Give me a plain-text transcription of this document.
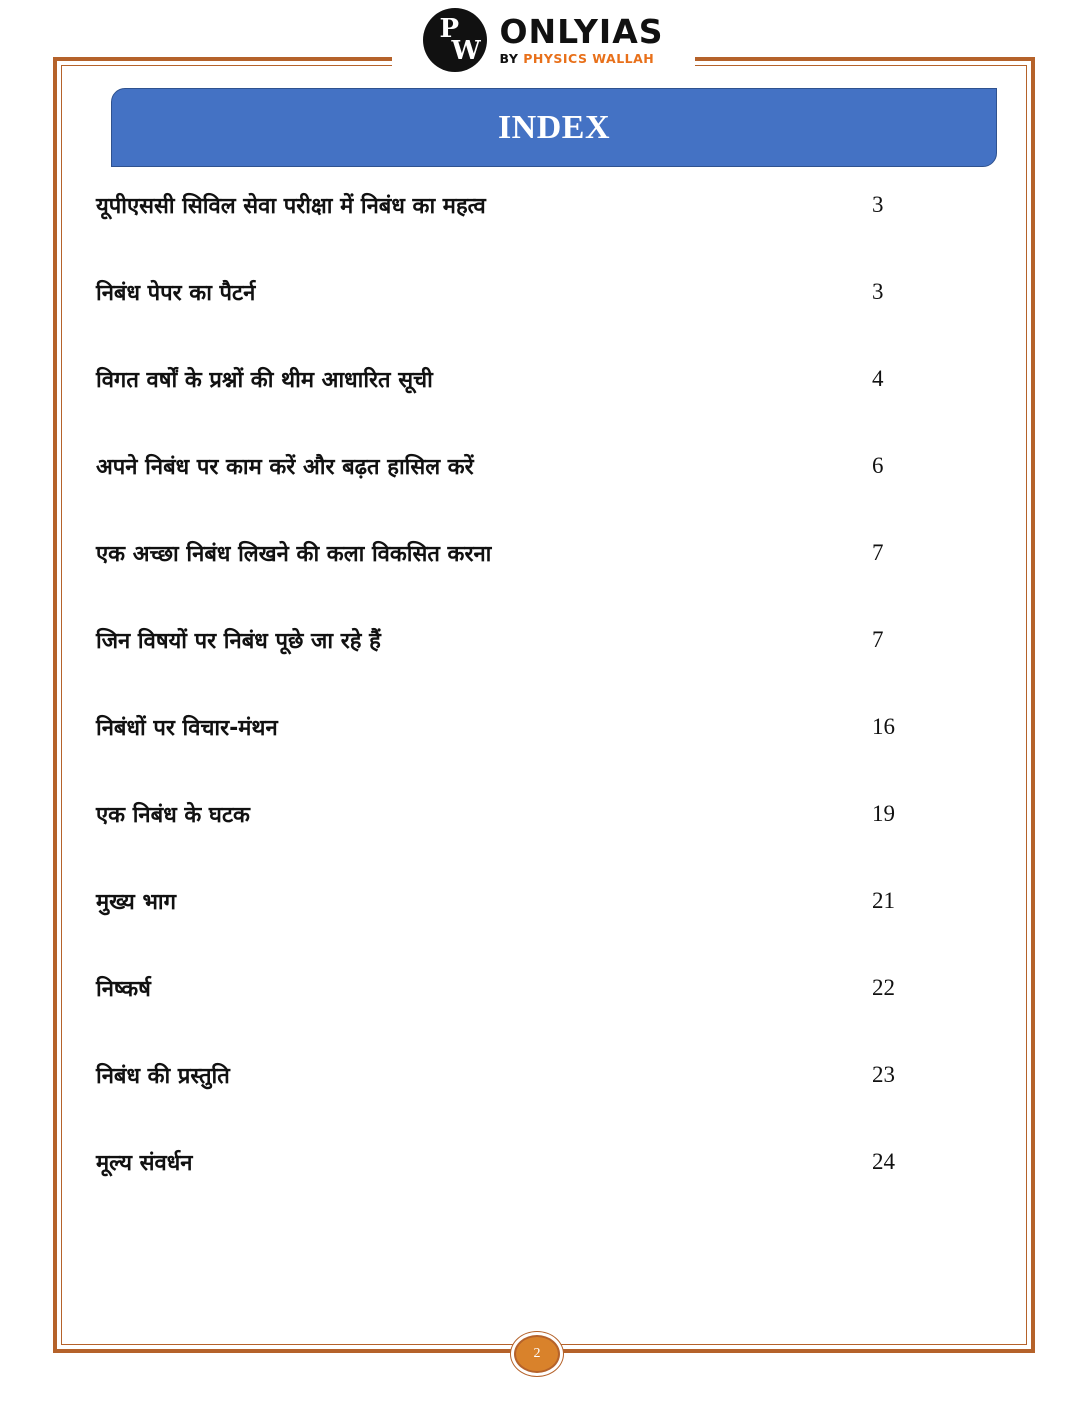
P
W
ONLYIAS
BY PHYSICS WALLAH
INDEX
यूपीएससी सिविल सेवा परीक्षा में निबंध का महत्व	3
निबंध पेपर का पैटर्न	3
विगत वर्षों के प्रश्नों की थीम आधारित सूची	4
अपने निबंध पर काम करें और बढ़त हासिल करें	6
एक अच्छा निबंध लिखने की कला विकसित करना	7
जिन विषयों पर निबंध पूछे जा रहे हैं	7
निबंधों पर विचार-मंथन	16
एक निबंध के घटक	19
मुख्य भाग	21
निष्कर्ष	22
निबंध की प्रस्तुति	23
मूल्य संवर्धन	24
2
